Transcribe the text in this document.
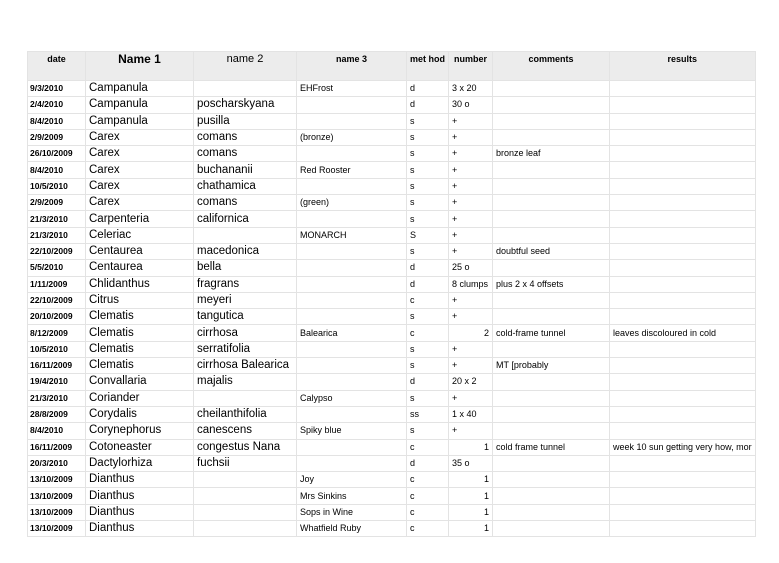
date	Name 1	name 2	name 3	met hod	number	comments	results
9/3/2010	Campanula		EHFrost	d	3 x 20		
2/4/2010	Campanula	poscharskyana		d	30 o		
8/4/2010	Campanula	pusilla		s	+		
2/9/2009	Carex	comans	(bronze)	s	+		
26/10/2009	Carex	comans		s	+	bronze leaf	
8/4/2010	Carex	buchananii	Red Rooster	s	+		
10/5/2010	Carex	chathamica		s	+		
2/9/2009	Carex	comans	(green)	s	+		
21/3/2010	Carpenteria	californica		s	+		
21/3/2010	Celeriac		MONARCH	S	+		
22/10/2009	Centaurea	macedonica		s	+	doubtful seed	
5/5/2010	Centaurea	bella		d	25 o		
1/11/2009	Chlidanthus	fragrans		d	8 clumps	plus 2 x 4 offsets	
22/10/2009	Citrus	meyeri		c	+		
20/10/2009	Clematis	tangutica		s	+		
8/12/2009	Clematis	cirrhosa	Balearica	c	2	cold-frame tunnel	leaves discoloured in cold
10/5/2010	Clematis	serratifolia		s	+		
16/11/2009	Clematis	cirrhosa Balearica		s	+	MT [probably	
19/4/2010	Convallaria	majalis		d	20 x 2		
21/3/2010	Coriander		Calypso	s	+		
28/8/2009	Corydalis	cheilanthifolia		ss	1 x 40		
8/4/2010	Corynephorus	canescens	Spiky blue	s	+		
16/11/2009	Cotoneaster	congestus Nana		c	1	cold frame tunnel	week 10 sun getting very how, mor
20/3/2010	Dactylorhiza	fuchsii		d	35 o		
13/10/2009	Dianthus		Joy	c	1		
13/10/2009	Dianthus		Mrs Sinkins	c	1		
13/10/2009	Dianthus		Sops in Wine	c	1		
13/10/2009	Dianthus		Whatfield Ruby	c	1		
